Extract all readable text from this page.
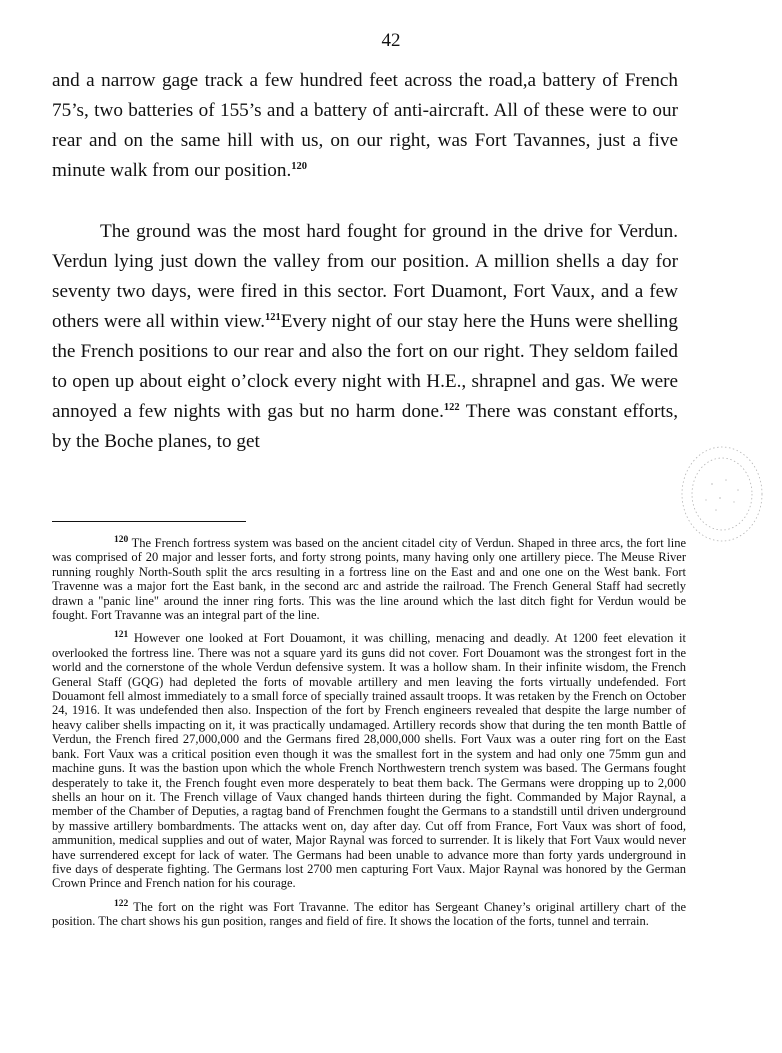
42

and a narrow gage track a few hundred feet across the road,a battery of French 75’s, two batteries of 155’s and a battery of anti-aircraft. All of these were to our rear and on the same hill with us, on our right, was Fort Tavannes, just a five minute walk from our position.$^{120}$

The ground was the most hard fought for ground in the drive for Verdun. Verdun lying just down the valley from our position. A million shells a day for seventy two days, were fired in this sector. Fort Duamont, Fort Vaux, and a few others were all within view.$^{121}$Every night of our stay here the Huns were shelling the French positions to our rear and also the fort on our right. They seldom failed to open up about eight o’clock every night with H.E., shrapnel and gas. We were annoyed a few nights with gas but no harm done.$^{122}$ There was constant efforts, by the Boche planes, to get

$^{120}$ The French fortress system was based on the ancient citadel city of Verdun. Shaped in three arcs, the fort line was comprised of 20 major and lesser forts, and forty strong points, many having only one artillery piece. The Meuse River running roughly North-South split the arcs resulting in a fortress line on the East and and one one on the West bank. Fort Travenne was a major fort the East bank, in the second arc and astride the railroad. The French General Staff had secretly drawn a "panic line" around the inner ring forts. This was the line around which the last ditch fight for Verdun would be fought. Fort Travanne was an integral part of the line.

$^{121}$ However one looked at Fort Douamont, it was chilling, menacing and deadly. At 1200 feet elevation it overlooked the fortress line. There was not a square yard its guns did not cover. Fort Douamont was the strongest fort in the world and the cornerstone of the whole Verdun defensive system. It was a hollow sham. In their infinite wisdom, the French General Staff (GQG) had depleted the forts of movable artillery and men leaving the forts virtually undefended. Fort Douamont fell almost immediately to a small force of specially trained assault troops. It was retaken by the French on October 24, 1916. It was undefended then also. Inspection of the fort by French engineers revealed that despite the large number of heavy caliber shells impacting on it, it was practically undamaged. Artillery records show that during the ten month Battle of Verdun, the French fired 27,000,000 and the Germans fired 28,000,000 shells. Fort Vaux was a outer ring fort on the East bank. Fort Vaux was a critical position even though it was the smallest fort in the system and had only one 75mm gun and machine guns. It was the bastion upon which the whole French Northwestern trench system was based. The Germans fought desperately to take it, the French fought even more desperately to beat them back. The Germans were dropping up to 2,000 shells an hour on it. The French village of Vaux changed hands thirteen during the fight. Commanded by Major Raynal, a member of the Chamber of Deputies, a ragtag band of Frenchmen fought the Germans to a standstill until driven underground by massive artillery bombardments. The attacks went on, day after day. Cut off from France, Fort Vaux was short of food, ammunition, medical supplies and out of water, Major Raynal was forced to surrender. It is likely that Fort Vaux would never have surrendered except for lack of water. The Germans had been unable to advance more than forty yards underground in five days of desperate fighting. The Germans lost 2700 men capturing Fort Vaux. Major Raynal was honored by the German Crown Prince and French nation for his courage.

$^{122}$ The fort on the right was Fort Travanne. The editor has Sergeant Chaney’s original artillery chart of the position. The chart shows his gun position, ranges and field of fire. It shows the location of the forts, tunnel and terrain.
